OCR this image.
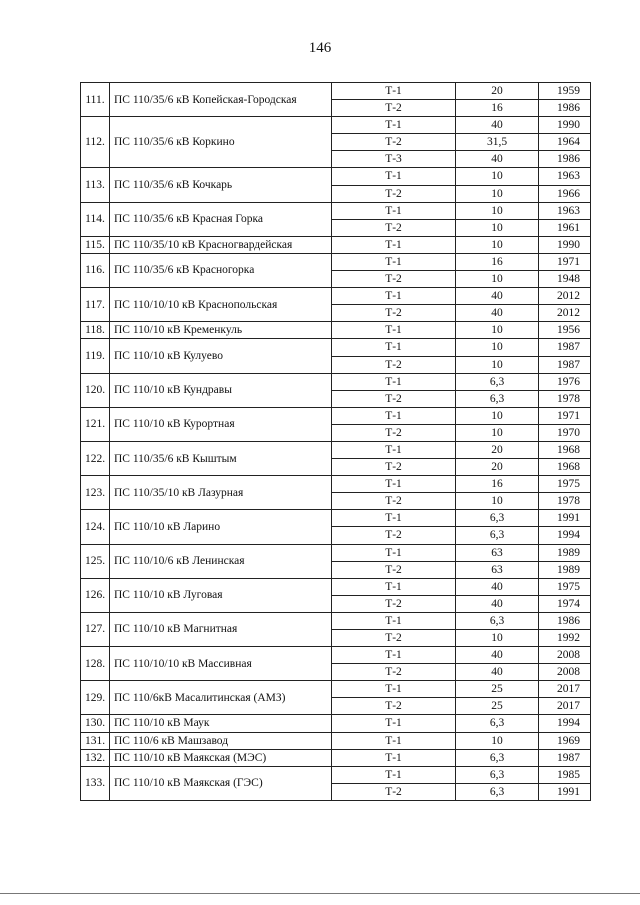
146
111.	ПС 110/35/6 кВ Копейская-Городская	Т-1	20	1959
		Т-2	16	1986
112.	ПС 110/35/6 кВ Коркино	Т-1	40	1990
		Т-2	31,5	1964
		Т-3	40	1986
113.	ПС 110/35/6 кВ Кочкарь	Т-1	10	1963
		Т-2	10	1966
114.	ПС 110/35/6 кВ Красная Горка	Т-1	10	1963
		Т-2	10	1961
115.	ПС 110/35/10 кВ Красногвардейская	Т-1	10	1990
116.	ПС 110/35/6 кВ Красногорка	Т-1	16	1971
		Т-2	10	1948
117.	ПС 110/10/10 кВ Краснопольская	Т-1	40	2012
		Т-2	40	2012
118.	ПС 110/10 кВ Кременкуль	Т-1	10	1956
119.	ПС 110/10 кВ Кулуево	Т-1	10	1987
		Т-2	10	1987
120.	ПС 110/10 кВ Кундравы	Т-1	6,3	1976
		Т-2	6,3	1978
121.	ПС 110/10 кВ Курортная	Т-1	10	1971
		Т-2	10	1970
122.	ПС 110/35/6 кВ Кыштым	Т-1	20	1968
		Т-2	20	1968
123.	ПС 110/35/10 кВ Лазурная	Т-1	16	1975
		Т-2	10	1978
124.	ПС 110/10 кВ Ларино	Т-1	6,3	1991
		Т-2	6,3	1994
125.	ПС 110/10/6 кВ Ленинская	Т-1	63	1989
		Т-2	63	1989
126.	ПС 110/10 кВ Луговая	Т-1	40	1975
		Т-2	40	1974
127.	ПС 110/10 кВ Магнитная	Т-1	6,3	1986
		Т-2	10	1992
128.	ПС 110/10/10 кВ Массивная	Т-1	40	2008
		Т-2	40	2008
129.	ПС 110/6кВ Масалитинская (АМЗ)	Т-1	25	2017
		Т-2	25	2017
130.	ПС 110/10 кВ Маук	Т-1	6,3	1994
131.	ПС 110/6 кВ Машзавод	Т-1	10	1969
132.	ПС 110/10 кВ Маякская (МЭС)	Т-1	6,3	1987
133.	ПС 110/10 кВ Маякская (ГЭС)	Т-1	6,3	1985
		Т-2	6,3	1991
